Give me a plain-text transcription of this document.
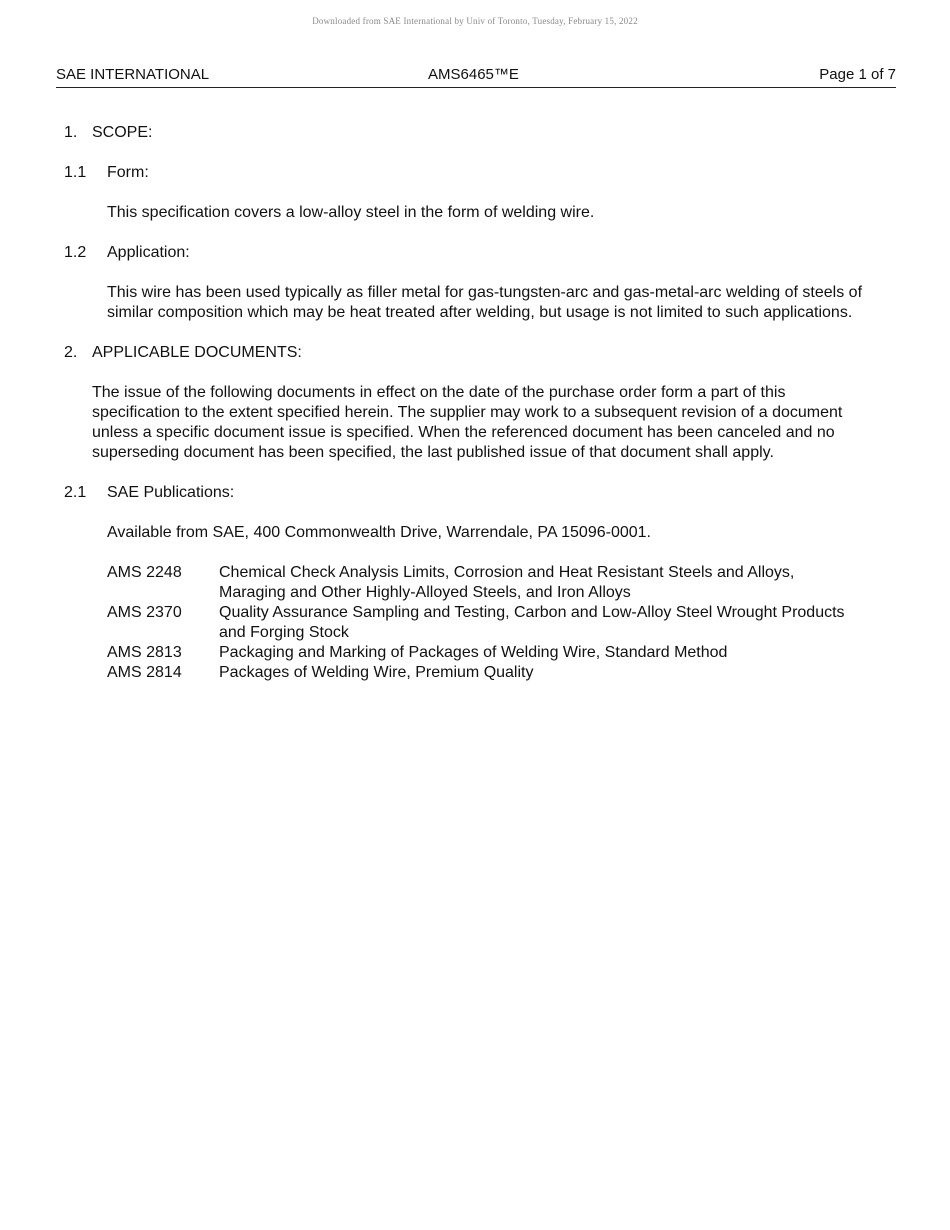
Downloaded from SAE International by Univ of Toronto, Tuesday, February 15, 2022
SAE INTERNATIONAL	AMS6465™E	Page 1 of 7
1. SCOPE:
1.1	Form:
This specification covers a low-alloy steel in the form of welding wire.
1.2	Application:
This wire has been used typically as filler metal for gas-tungsten-arc and gas-metal-arc welding of steels of similar composition which may be heat treated after welding, but usage is not limited to such applications.
2. APPLICABLE DOCUMENTS:
The issue of the following documents in effect on the date of the purchase order form a part of this specification to the extent specified herein. The supplier may work to a subsequent revision of a document unless a specific document issue is specified. When the referenced document has been canceled and no superseding document has been specified, the last published issue of that document shall apply.
2.1	SAE Publications:
Available from SAE, 400 Commonwealth Drive, Warrendale, PA 15096-0001.
AMS 2248	Chemical Check Analysis Limits, Corrosion and Heat Resistant Steels and Alloys, Maraging and Other Highly-Alloyed Steels, and Iron Alloys
AMS 2370	Quality Assurance Sampling and Testing, Carbon and Low-Alloy Steel Wrought Products and Forging Stock
AMS 2813	Packaging and Marking of Packages of Welding Wire, Standard Method
AMS 2814	Packages of Welding Wire, Premium Quality
